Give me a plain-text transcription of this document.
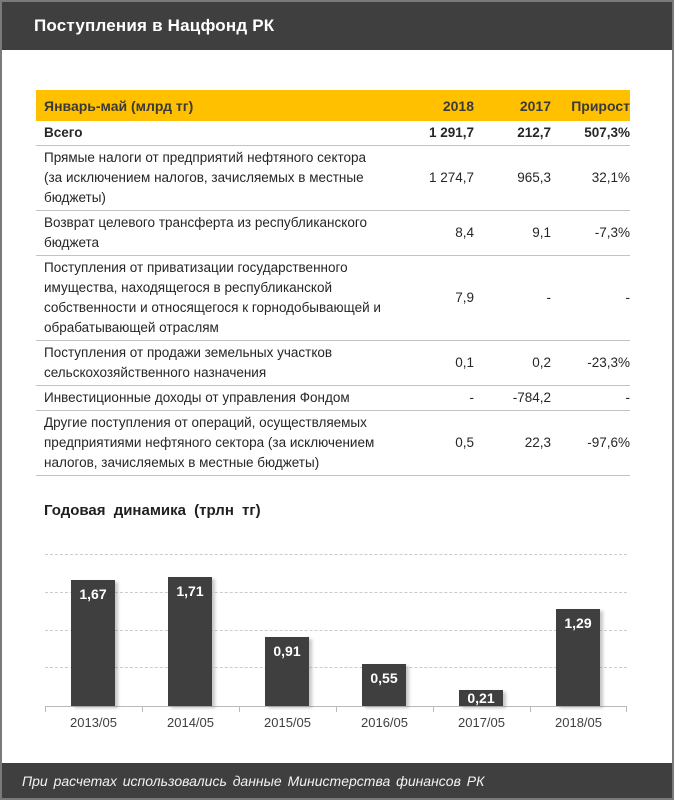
Поступления в Нацфонд РК
Январь-май (млрд тг)	2018	2017	Прирост
Всего	1 291,7	212,7	507,3%
Прямые налоги от предприятий нефтяного сектора (за исключением налогов, зачисляемых в местные бюджеты)	1 274,7	965,3	32,1%
Возврат целевого трансферта из республиканского бюджета	8,4	9,1	-7,3%
Поступления от приватизации государственного имущества, находящегося в республиканской собственности и относящегося к горнодобывающей и обрабатывающей отраслям	7,9	-	-
Поступления от продажи земельных участков сельскохозяйственного назначения	0,1	0,2	-23,3%
Инвестиционные доходы от управления Фондом	-	-784,2	-
Другие поступления от операций, осуществляемых предприятиями нефтяного сектора (за исключением налогов, зачисляемых в местные бюджеты)	0,5	22,3	-97,6%
Годовая динамика (трлн тг)
1,67	1,71
0,91
0,55
0,21
1,29
2013/05	2014/05	2015/05	2016/05	2017/05	2018/05

При расчетах использовались данные Министерства финансов РК
